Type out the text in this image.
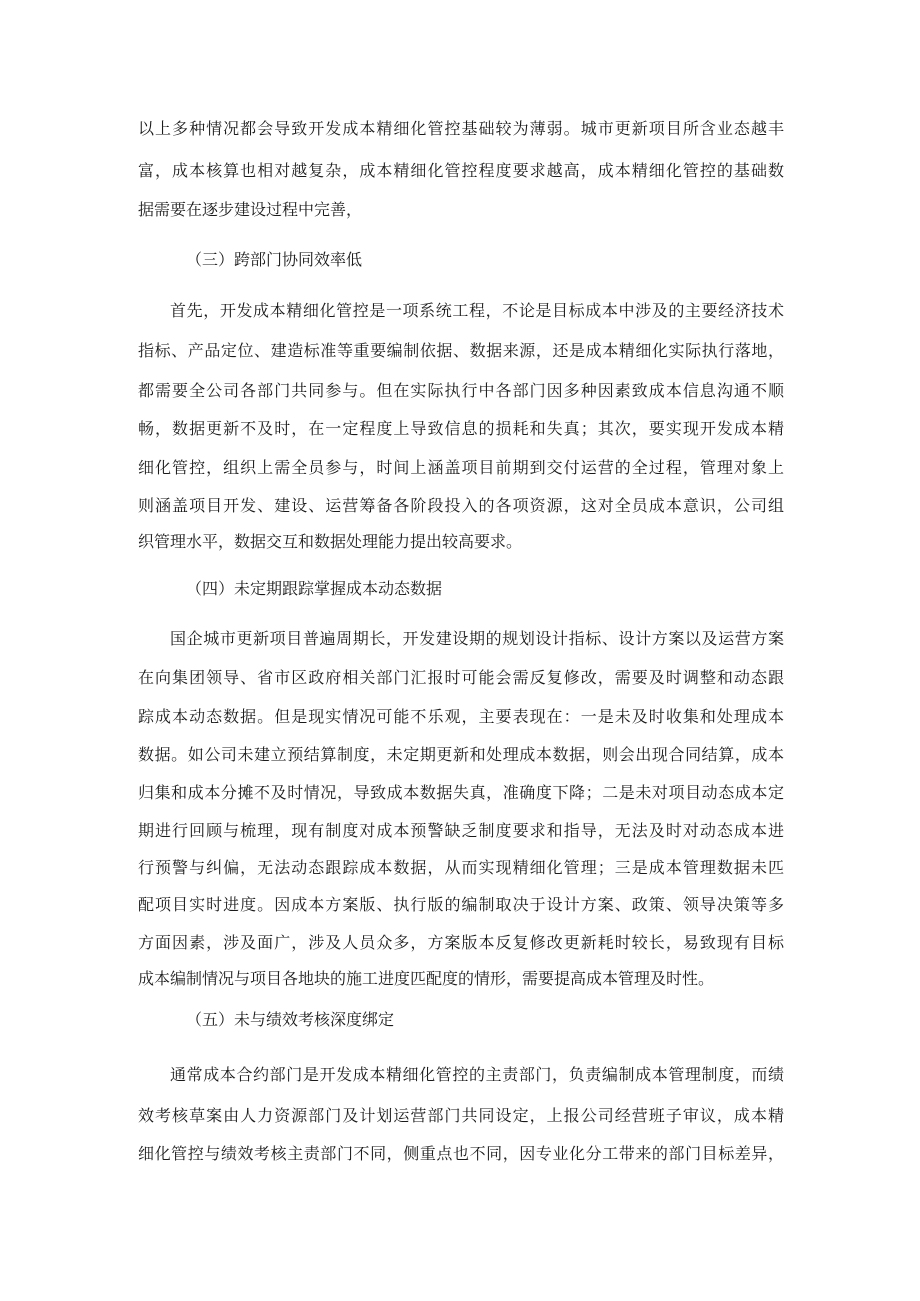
以上多种情况都会导致开发成本精细化管控基础较为薄弱。城市更新项目所含业态越丰
富，成本核算也相对越复杂，成本精细化管控程度要求越高，成本精细化管控的基础数
据需要在逐步建设过程中完善，
（三）跨部门协同效率低
首先，开发成本精细化管控是一项系统工程，不论是目标成本中涉及的主要经济技术
指标、产品定位、建造标准等重要编制依据、数据来源，还是成本精细化实际执行落地，
都需要全公司各部门共同参与。但在实际执行中各部门因多种因素致成本信息沟通不顺
畅，数据更新不及时，在一定程度上导致信息的损耗和失真；其次，要实现开发成本精
细化管控，组织上需全员参与，时间上涵盖项目前期到交付运营的全过程，管理对象上
则涵盖项目开发、建设、运营筹备各阶段投入的各项资源，这对全员成本意识，公司组
织管理水平，数据交互和数据处理能力提出较高要求。
（四）未定期跟踪掌握成本动态数据
国企城市更新项目普遍周期长，开发建设期的规划设计指标、设计方案以及运营方案
在向集团领导、省市区政府相关部门汇报时可能会需反复修改，需要及时调整和动态跟
踪成本动态数据。但是现实情况可能不乐观，主要表现在：一是未及时收集和处理成本
数据。如公司未建立预结算制度，未定期更新和处理成本数据，则会出现合同结算，成本
归集和成本分摊不及时情况，导致成本数据失真，准确度下降；二是未对项目动态成本定
期进行回顾与梳理，现有制度对成本预警缺乏制度要求和指导，无法及时对动态成本进
行预警与纠偏，无法动态跟踪成本数据，从而实现精细化管理；三是成本管理数据未匹
配项目实时进度。因成本方案版、执行版的编制取决于设计方案、政策、领导决策等多
方面因素，涉及面广，涉及人员众多，方案版本反复修改更新耗时较长，易致现有目标
成本编制情况与项目各地块的施工进度匹配度的情形，需要提高成本管理及时性。
（五）未与绩效考核深度绑定
通常成本合约部门是开发成本精细化管控的主责部门，负责编制成本管理制度，而绩
效考核草案由人力资源部门及计划运营部门共同设定，上报公司经营班子审议，成本精
细化管控与绩效考核主责部门不同，侧重点也不同，因专业化分工带来的部门目标差异，
